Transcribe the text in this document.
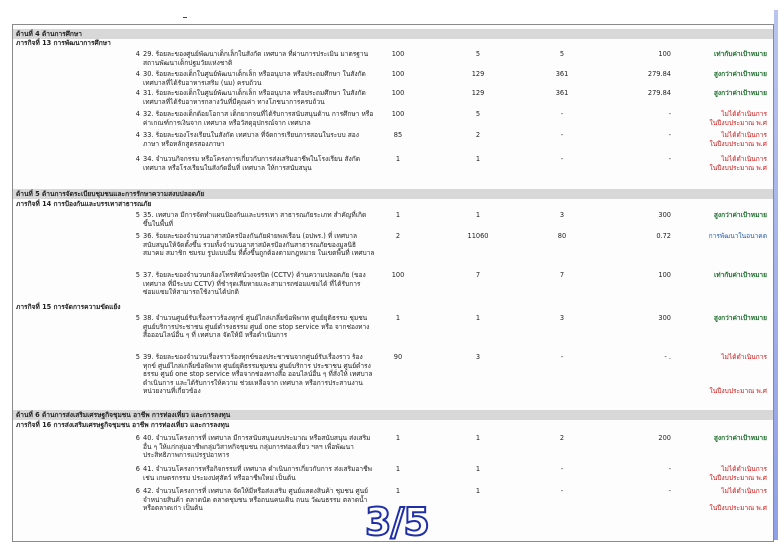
ด้านที่ 4 ด้านการศึกษา
ภารกิจที่ 13 การพัฒนาการศึกษา
4 29. ร้อยละของศูนย์พัฒนาเด็กเล็กในสังกัด เทศบาล ที่ผ่านการประเมิน มาตรฐานสถานพัฒนาเด็กปฐมวัยแห่งชาติ
100	5	5	100	เท่ากับค่าเป้าหมาย
4 30. ร้อยละของเด็กในศูนย์พัฒนาเด็กเล็ก หรืออนุบาล หรือประถมศึกษา ในสังกัด เทศบาลที่ได้รับอาหารเสริม (นม) ครบถ้วน
100	129	361	279.84	สูงกว่าค่าเป้าหมาย
4 31. ร้อยละของเด็กในศูนย์พัฒนาเด็กเล็ก หรืออนุบาล หรือประถมศึกษา ในสังกัด เทศบาลที่ได้รับอาหารกลางวันที่มีคุณค่า ทางโภชนาการครบถ้วน
100	129	361	279.84	สูงกว่าค่าเป้าหมาย
4 32. ร้อยละของเด็กด้อยโอกาส เด็กยากจนที่ได้รับการสนับสนุนด้าน การศึกษา หรือค่าเกณฑ์การเงินจาก เทศบาล หรือวัสดุอุปกรณ์จาก เทศบาล
100	5	-	-	ไม่ได้ดำเนินการ
ในปีงบประมาณ พ.ศ
4 33. ร้อยละของโรงเรียนในสังกัด เทศบาล ที่จัดการเรียนการสอนในระบบ สองภาษา หรือหลักสูตรสองภาษา
85	2	-	-	ไม่ได้ดำเนินการ
ในปีงบประมาณ พ.ศ
4 34. จำนวนกิจกรรม หรือโครงการเกี่ยวกับการส่งเสริมอาชีพในโรงเรียน สังกัด เทศบาล หรือโรงเรียนในสังกัดอื่นที่ เทศบาล ให้การสนับสนุน
1	1	-	-	ไม่ได้ดำเนินการ
ในปีงบประมาณ พ.ศ
ด้านที่ 5 ด้านการจัดระเบียบชุมชนและการรักษาความสงบปลอดภัย
ภารกิจที่ 14 การป้องกันและบรรเทาสาธารณภัย
5 35. เทศบาล มีการจัดทำแผนป้องกันและบรรเทา สาธารณภัยระเภท สำคัญที่เกิดขึ้นในพื้นที่
1	1	3	300	สูงกว่าค่าเป้าหมาย
5 36. ร้อยละของจำนวนอาสาสมัครป้องกันภัยฝ่ายพลเรือน (อปพร.) ที่ เทศบาล สนับสนุนให้จัดตั้งขึ้น รวมทั้งจำนวนอาสาสมัครป้องกันสาธารณภัยของมูลนิธิ สมาคม สมาชิก ชมรม รูปแบบอื่น ที่ตั้งขึ้นถูกต้องตามกฎหมาย ในเขตพื้นที่ เทศบาล
2	11060	80	0.72	การพัฒนาในอนาคต
5 37. ร้อยละของจำนวนกล้องโทรทัศน์วงจรปิด (CCTV) ด้านความปลอดภัย (ของ เทศบาล ที่มีระบบ CCTV) ที่ชำรุดเสียหายและสามารถซ่อมแซมได้ ที่ได้รับการซ่อมแซมให้สามารถใช้งานได้ปกติ
100	7	7	100	เท่ากับค่าเป้าหมาย
ภารกิจที่ 15 การจัดการความขัดแย้ง
5 38. จำนวนศูนย์รับเรื่องราวร้องทุกข์ ศูนย์ไกล่เกลี่ยข้อพิพาท ศูนย์ยุติธรรม ชุมชน ศูนย์บริการประชาชน ศูนย์ดำรงธรรม ศูนย์ one stop service หรือ จากช่องทางสื่อออนไลน์อื่น ๆ ที่ เทศบาล จัดให้มี หรือดำเนินการ
1	1	3	300	สูงกว่าค่าเป้าหมาย
5 39. ร้อยละของจำนวนเรื่องราวร้องทุกข์ของประชาชนจากศูนย์รับเรื่องราว ร้องทุกข์ ศูนย์ไกล่เกลี่ยข้อพิพาท ศูนย์ยุติธรรมชุมชน ศูนย์บริการ ประชาชน ศูนย์ดำรงธรรม ศูนย์ one stop service หรือจากช่องทางสื่อ ออนไลน์อื่น ๆ ที่สั่งให้ เทศบาล ดำเนินการ และได้รับการให้ความ ช่วยเหลือจาก เทศบาล หรือการประสานงานหน่วยงานที่เกี่ยวข้อง
90	3	-	- .	ไม่ได้ดำเนินการ

ในปีงบประมาณ พ.ศ
ด้านที่ 6 ด้านการส่งเสริมเศรษฐกิจชุมชน อาชีพ การท่องเที่ยว และการลงทุน
ภารกิจที่ 16 การส่งเสริมเศรษฐกิจชุมชน อาชีพ การท่องเที่ยว และการลงทุน
6 40. จำนวนโครงการที่ เทศบาล มีการสนับสนุนงบประมาณ หรือสนับสนุน ส่งเสริมอื่น ๆ ให้แก่กลุ่มอาชีพกลุ่มวิสาหกิจชุมชน กลุ่มการท่องเที่ยว ฯลฯ เพื่อพัฒนาประสิทธิภาพการแปรรูปอาหาร
1	1	2	200	สูงกว่าค่าเป้าหมาย
6 41. จำนวนโครงการหรือกิจกรรมที่ เทศบาล ดำเนินการเกี่ยวกับการ ส่งเสริมอาชีพ เช่น เกษตรกรรม ประมงปศุสัตว์ หรืออาชีพใหม่ เป็นต้น
1	1	-	-	ไม่ได้ดำเนินการ
ในปีงบประมาณ พ.ศ
6 42. จำนวนโครงการที่ เทศบาล จัดให้มีหรือส่งเสริม ศูนย์แสดงสินค้า ชุมชน ศูนย์จำหน่ายสินค้า ตลาดนัด ตลาดชุมชน หรือถนนคนเดิน ถนน วัฒนธรรม ตลาดน้ำ หรือตลาดเก่า เป็นต้น
1	1	-	-	ไม่ได้ดำเนินการ

ในปีงบประมาณ พ.ศ
3/5
